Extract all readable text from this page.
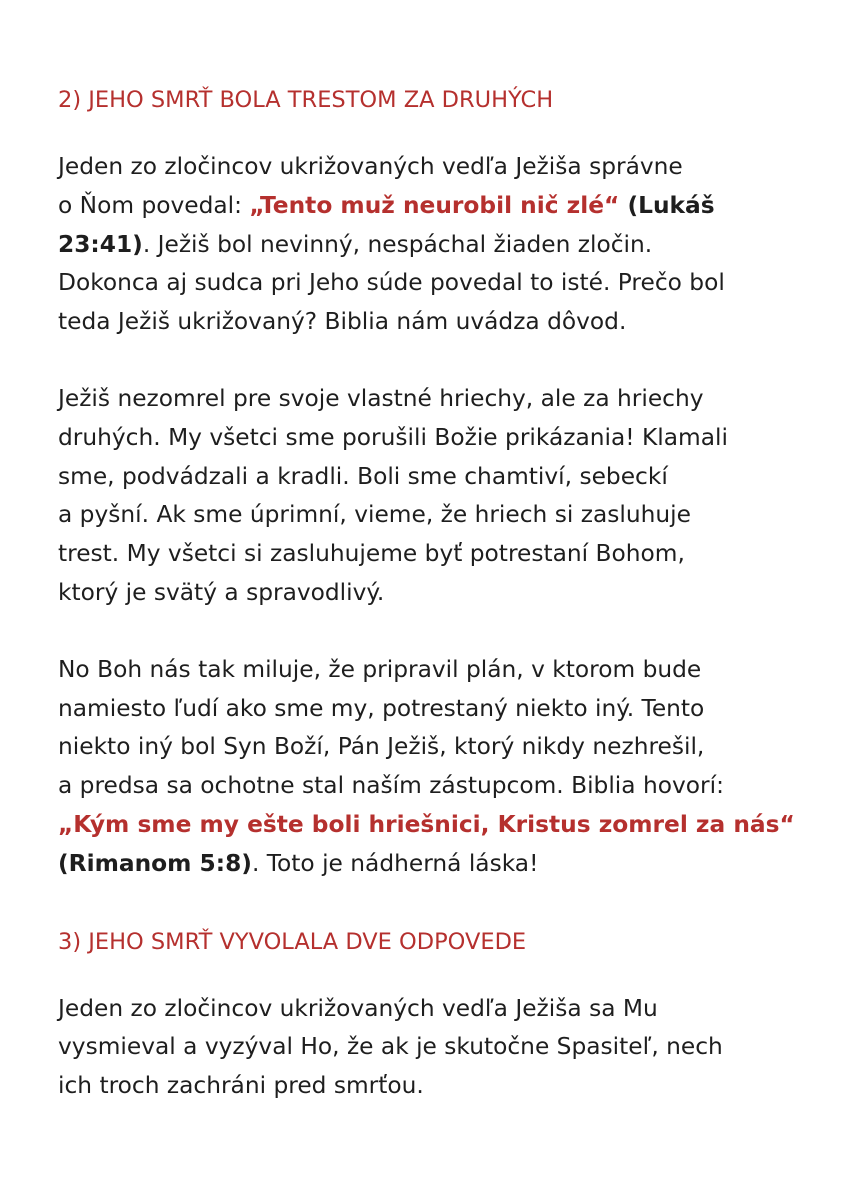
2) JEHO SMRŤ BOLA TRESTOM ZA DRUHÝCH

Jeden zo zločincov ukrižovaných vedľa Ježiša správne
o Ňom povedal: „Tento muž neurobil nič zlé“ (Lukáš
23:41). Ježiš bol nevinný, nespáchal žiaden zločin.
Dokonca aj sudca pri Jeho súde povedal to isté. Prečo bol
teda Ježiš ukrižovaný? Biblia nám uvádza dôvod.

Ježiš nezomrel pre svoje vlastné hriechy, ale za hriechy
druhých. My všetci sme porušili Božie prikázania! Klamali
sme, podvádzali a kradli. Boli sme chamtiví, sebeckí
a pyšní. Ak sme úprimní, vieme, že hriech si zasluhuje
trest. My všetci si zasluhujeme byť potrestaní Bohom,
ktorý je svätý a spravodlivý.

No Boh nás tak miluje, že pripravil plán, v ktorom bude
namiesto ľudí ako sme my, potrestaný niekto iný. Tento
niekto iný bol Syn Boží, Pán Ježiš, ktorý nikdy nezhrešil,
a predsa sa ochotne stal naším zástupcom. Biblia hovorí:
„Kým sme my ešte boli hriešnici, Kristus zomrel za nás“
(Rimanom 5:8). Toto je nádherná láska!

3) JEHO SMRŤ VYVOLALA DVE ODPOVEDE

Jeden zo zločincov ukrižovaných vedľa Ježiša sa Mu
vysmieval a vyzýval Ho, že ak je skutočne Spasiteľ, nech
ich troch zachráni pred smrťou.
